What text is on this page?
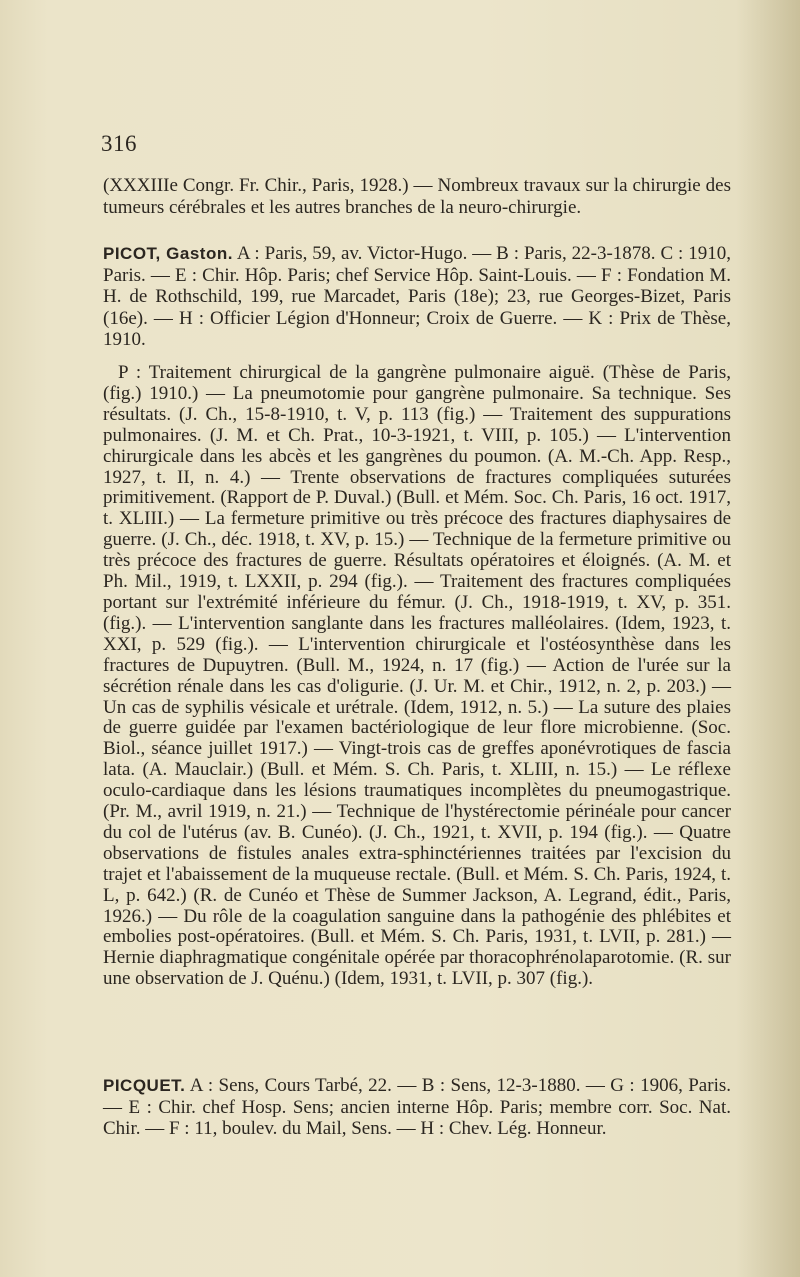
316
(XXXIIIe Congr. Fr. Chir., Paris, 1928.) — Nombreux travaux sur la chirurgie des tumeurs cérébrales et les autres branches de la neuro-chirurgie.
PICOT, Gaston. A : Paris, 59, av. Victor-Hugo. — B : Paris, 22-3-1878. C : 1910, Paris. — E : Chir. Hôp. Paris; chef Service Hôp. Saint-Louis. — F : Fondation M. H. de Rothschild, 199, rue Marcadet, Paris (18e); 23, rue Georges-Bizet, Paris (16e). — H : Officier Légion d'Honneur; Croix de Guerre. — K : Prix de Thèse, 1910.
P : Traitement chirurgical de la gangrène pulmonaire aiguë. (Thèse de Paris, (fig.) 1910.) — La pneumotomie pour gangrène pulmonaire. Sa technique. Ses résultats. (J. Ch., 15-8-1910, t. V, p. 113 (fig.) — Traitement des suppurations pulmonaires. (J. M. et Ch. Prat., 10-3-1921, t. VIII, p. 105.) — L'intervention chirurgicale dans les abcès et les gangrènes du poumon. (A. M.-Ch. App. Resp., 1927, t. II, n. 4.) — Trente observations de fractures compliquées suturées primitivement. (Rapport de P. Duval.) (Bull. et Mém. Soc. Ch. Paris, 16 oct. 1917, t. XLIII.) — La fermeture primitive ou très précoce des fractures diaphysaires de guerre. (J. Ch., déc. 1918, t. XV, p. 15.) — Technique de la fermeture primitive ou très précoce des fractures de guerre. Résultats opératoires et éloignés. (A. M. et Ph. Mil., 1919, t. LXXII, p. 294 (fig.). — Traitement des fractures compliquées portant sur l'extrémité inférieure du fémur. (J. Ch., 1918-1919, t. XV, p. 351. (fig.). — L'intervention sanglante dans les fractures malléolaires. (Idem, 1923, t. XXI, p. 529 (fig.). — L'intervention chirurgicale et l'ostéosynthèse dans les fractures de Dupuytren. (Bull. M., 1924, n. 17 (fig.) — Action de l'urée sur la sécrétion rénale dans les cas d'oligurie. (J. Ur. M. et Chir., 1912, n. 2, p. 203.) — Un cas de syphilis vésicale et urétrale. (Idem, 1912, n. 5.) — La suture des plaies de guerre guidée par l'examen bactériologique de leur flore microbienne. (Soc. Biol., séance juillet 1917.) — Vingt-trois cas de greffes aponévrotiques de fascia lata. (A. Mauclair.) (Bull. et Mém. S. Ch. Paris, t. XLIII, n. 15.) — Le réflexe oculo-cardiaque dans les lésions traumatiques incomplètes du pneumogastrique. (Pr. M., avril 1919, n. 21.) — Technique de l'hystérectomie périnéale pour cancer du col de l'utérus (av. B. Cunéo). (J. Ch., 1921, t. XVII, p. 194 (fig.). — Quatre observations de fistules anales extra-sphinctériennes traitées par l'excision du trajet et l'abaissement de la muqueuse rectale. (Bull. et Mém. S. Ch. Paris, 1924, t. L, p. 642.) (R. de Cunéo et Thèse de Summer Jackson, A. Legrand, édit., Paris, 1926.) — Du rôle de la coagulation sanguine dans la pathogénie des phlébites et embolies post-opératoires. (Bull. et Mém. S. Ch. Paris, 1931, t. LVII, p. 281.) — Hernie diaphragmatique congénitale opérée par thoracophrénolaparotomie. (R. sur une observation de J. Quénu.) (Idem, 1931, t. LVII, p. 307 (fig.).
PICQUET. A : Sens, Cours Tarbé, 22. — B : Sens, 12-3-1880. — G : 1906, Paris. — E : Chir. chef Hosp. Sens; ancien interne Hôp. Paris; membre corr. Soc. Nat. Chir. — F : 11, boulev. du Mail, Sens. — H : Chev. Lég. Honneur.
